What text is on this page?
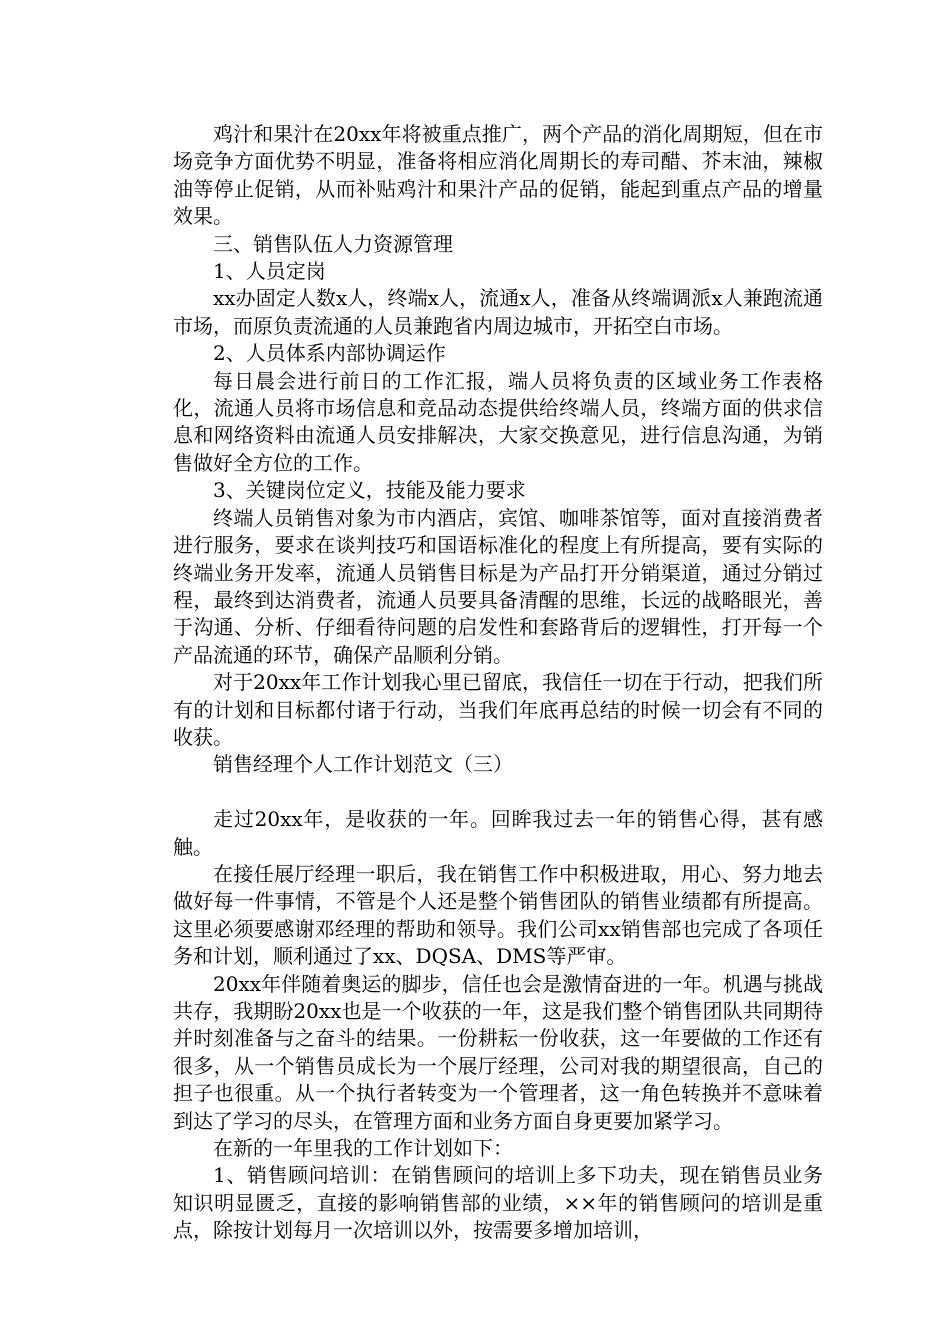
鸡汁和果汁在20xx年将被重点推广，两个产品的消化周期短，但在市场竞争方面优势不明显，准备将相应消化周期长的寿司醋、芥末油，辣椒油等停止促销，从而补贴鸡汁和果汁产品的促销，能起到重点产品的增量效果。

三、销售队伍人力资源管理

1、人员定岗

xx办固定人数x人，终端x人，流通x人，准备从终端调派x人兼跑流通市场，而原负责流通的人员兼跑省内周边城市，开拓空白市场。

2、人员体系内部协调运作

每日晨会进行前日的工作汇报，端人员将负责的区域业务工作表格化，流通人员将市场信息和竞品动态提供给终端人员，终端方面的供求信息和网络资料由流通人员安排解决，大家交换意见，进行信息沟通，为销售做好全方位的工作。

3、关键岗位定义，技能及能力要求

终端人员销售对象为市内酒店，宾馆、咖啡茶馆等，面对直接消费者进行服务，要求在谈判技巧和国语标准化的程度上有所提高，要有实际的终端业务开发率，流通人员销售目标是为产品打开分销渠道，通过分销过程，最终到达消费者，流通人员要具备清醒的思维，长远的战略眼光，善于沟通、分析、仔细看待问题的启发性和套路背后的逻辑性，打开每一个产品流通的环节，确保产品顺利分销。

对于20xx年工作计划我心里已留底，我信任一切在于行动，把我们所有的计划和目标都付诸于行动，当我们年底再总结的时候一切会有不同的收获。

销售经理个人工作计划范文（三）

走过20xx年，是收获的一年。回眸我过去一年的销售心得，甚有感触。

在接任展厅经理一职后，我在销售工作中积极进取，用心、努力地去做好每一件事情，不管是个人还是整个销售团队的销售业绩都有所提高。这里必须要感谢邓经理的帮助和领导。我们公司xx销售部也完成了各项任务和计划，顺利通过了xx、DQSA、DMS等严审。

20xx年伴随着奥运的脚步，信任也会是激情奋进的一年。机遇与挑战共存，我期盼20xx也是一个收获的一年，这是我们整个销售团队共同期待并时刻准备与之奋斗的结果。一份耕耘一份收获，这一年要做的工作还有很多，从一个销售员成长为一个展厅经理，公司对我的期望很高，自己的担子也很重。从一个执行者转变为一个管理者，这一角色转换并不意味着到达了学习的尽头，在管理方面和业务方面自身更要加紧学习。

在新的一年里我的工作计划如下：

1、销售顾问培训：在销售顾问的培训上多下功夫，现在销售员业务知识明显匮乏，直接的影响销售部的业绩，××年的销售顾问的培训是重点，除按计划每月一次培训以外，按需要多增加培训，
